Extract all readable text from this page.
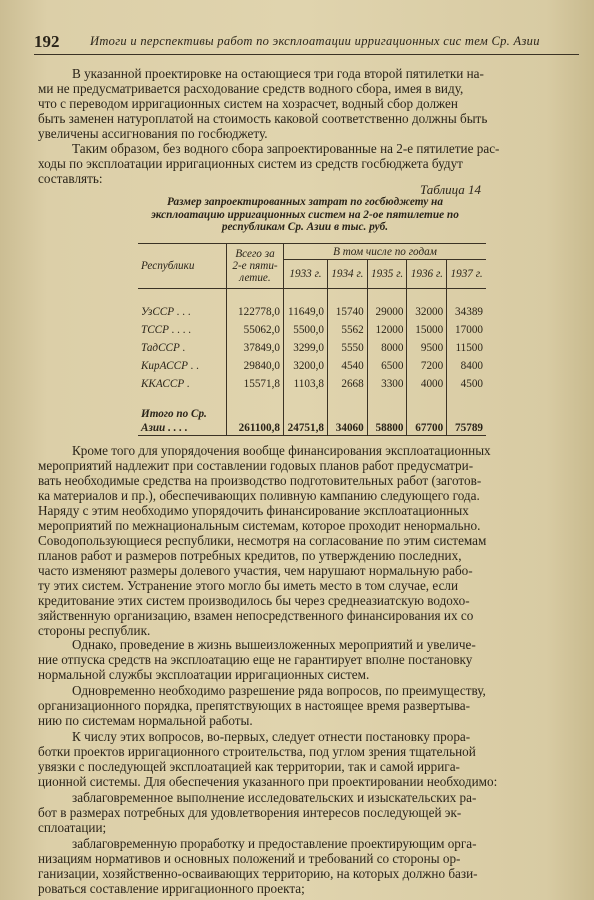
192 Итоги и перспективы работ по эксплоатации ирригационных сис тем Ср. Азии
В указанной проектировке на остающиеся три года второй пятилетки на-
ми не предусматривается расходование средств водного сбора, имея в виду,
что с переводом ирригационных систем на хозрасчет, водный сбор должен
быть заменен натуроплатой на стоимость каковой соответственно должны быть
увеличены ассигнования по госбюджету.
Таким образом, без водного сбора запроектированные на 2-е пятилетие рас-
ходы по эксплоатации ирригационных систем из средств госбюджета будут
составлять:
Таблица 14
Размер запроектированных затрат по госбюджету на эксплоатацию ирригационных систем на 2-ое пятилетие по республикам Ср. Азии в тыс. руб.
Республики	Всего за 2-е пяти-летие.	В том числе по годам				
		1933 г.	1934 г.	1935 г.	1936 г.	1937 г.

УзССР . . .	122778,0	11649,0	15740	29000	32000	34389
ТССР . . . .	55062,0	5500,0	5562	12000	15000	17000
ТадССР .	37849,0	3299,0	5550	8000	9500	11500
КирАССР . .	29840,0	3200,0	4540	6500	7200	8400
ККАССР .	15571,8	1103,8	2668	3300	4000	4500

Итого по Ср.
Азии . . . .	261100,8	24751,8	34060	58800	67700	75789
Кроме того для упорядочения вообще финансирования эксплоатационных
мероприятий надлежит при составлении годовых планов работ предусматри-
вать необходимые средства на производство подготовительных работ (заготов-
ка материалов и пр.), обеспечивающих поливную кампанию следующего года.
Наряду с этим необходимо упорядочить финансирование эксплоатационных
мероприятий по межнациональным системам, которое проходит ненормально.
Соводопользующиеся республики, несмотря на согласование по этим системам
планов работ и размеров потребных кредитов, по утверждению последних,
часто изменяют размеры долевого участия, чем нарушают нормальную рабо-
ту этих систем. Устранение этого могло бы иметь место в том случае, если
кредитование этих систем производилось бы через среднеазиатскую водохо-
зяйственную организацию, взамен непосредственного финансирования их со
стороны республик.
Однако, проведение в жизнь вышеизложенных мероприятий и увеличе-
ние отпуска средств на эксплоатацию еще не гарантирует вполне постановку
нормальной службы эксплоатации ирригационных систем.
Одновременно необходимо разрешение ряда вопросов, по преимуществу,
организационного порядка, препятствующих в настоящее время развертыва-
нию по системам нормальной работы.
К числу этих вопросов, во-первых, следует отнести постановку прора-
ботки проектов ирригационного строительства, под углом зрения тщательной
увязки с последующей эксплоатацией как территории, так и самой ирригa-
ционной системы. Для обеспечения указанного при проектировании необходимо:
заблаговременное выполнение исследовательских и изыскательских ра-
бот в размерах потребных для удовлетворения интересов последующей эк-
сплоатации;
заблаговременную проработку и предоставление проектирующим орга-
низациям нормативов и основных положений и требований со стороны ор-
ганизации, хозяйственно-осваивающих территорию, на которых должно бази-
роваться составление ирригационного проекта;
